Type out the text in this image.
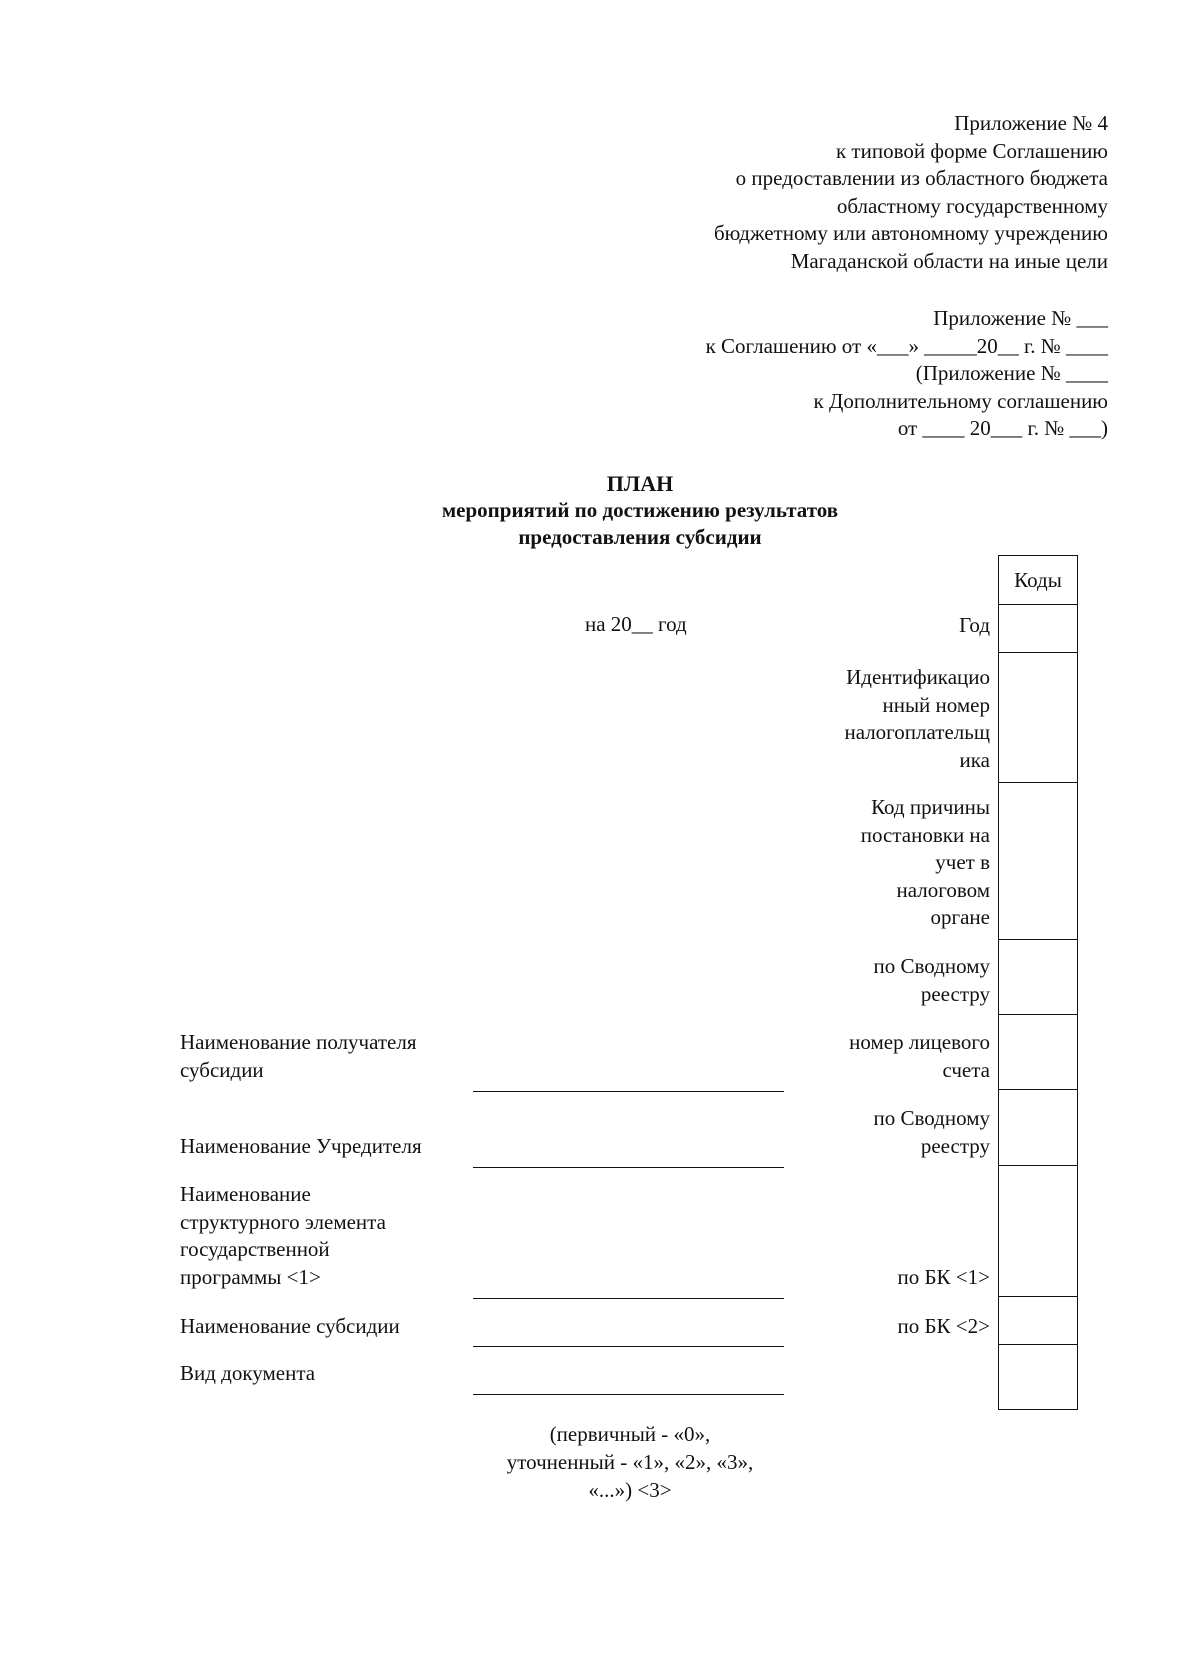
Приложение № 4
к типовой форме Соглашению
о предоставлении из областного бюджета
областному государственному
бюджетному или автономному учреждению
Магаданской области на иные цели
Приложение № ___
к Соглашению от «___» _____20__ г. № ____
(Приложение № ____
к Дополнительному соглашению
от ____ 20___ г. № ___)
ПЛАН
мероприятий по достижению результатов
предоставления субсидии
на 20__ год
Коды
Год
Идентификацио
нный номер
налогоплательщ
ика
Код причины
постановки на
учет в
налоговом
органе
по Сводному
реестру
номер лицевого
счета
по Сводному
реестру
по БК <1>
по БК <2>
Наименование получателя
субсидии
Наименование Учредителя
Наименование
структурного элемента
государственной
программы <1>
Наименование субсидии
Вид документа
(первичный - «0»,
уточненный - «1», «2», «3»,
«...») <3>
